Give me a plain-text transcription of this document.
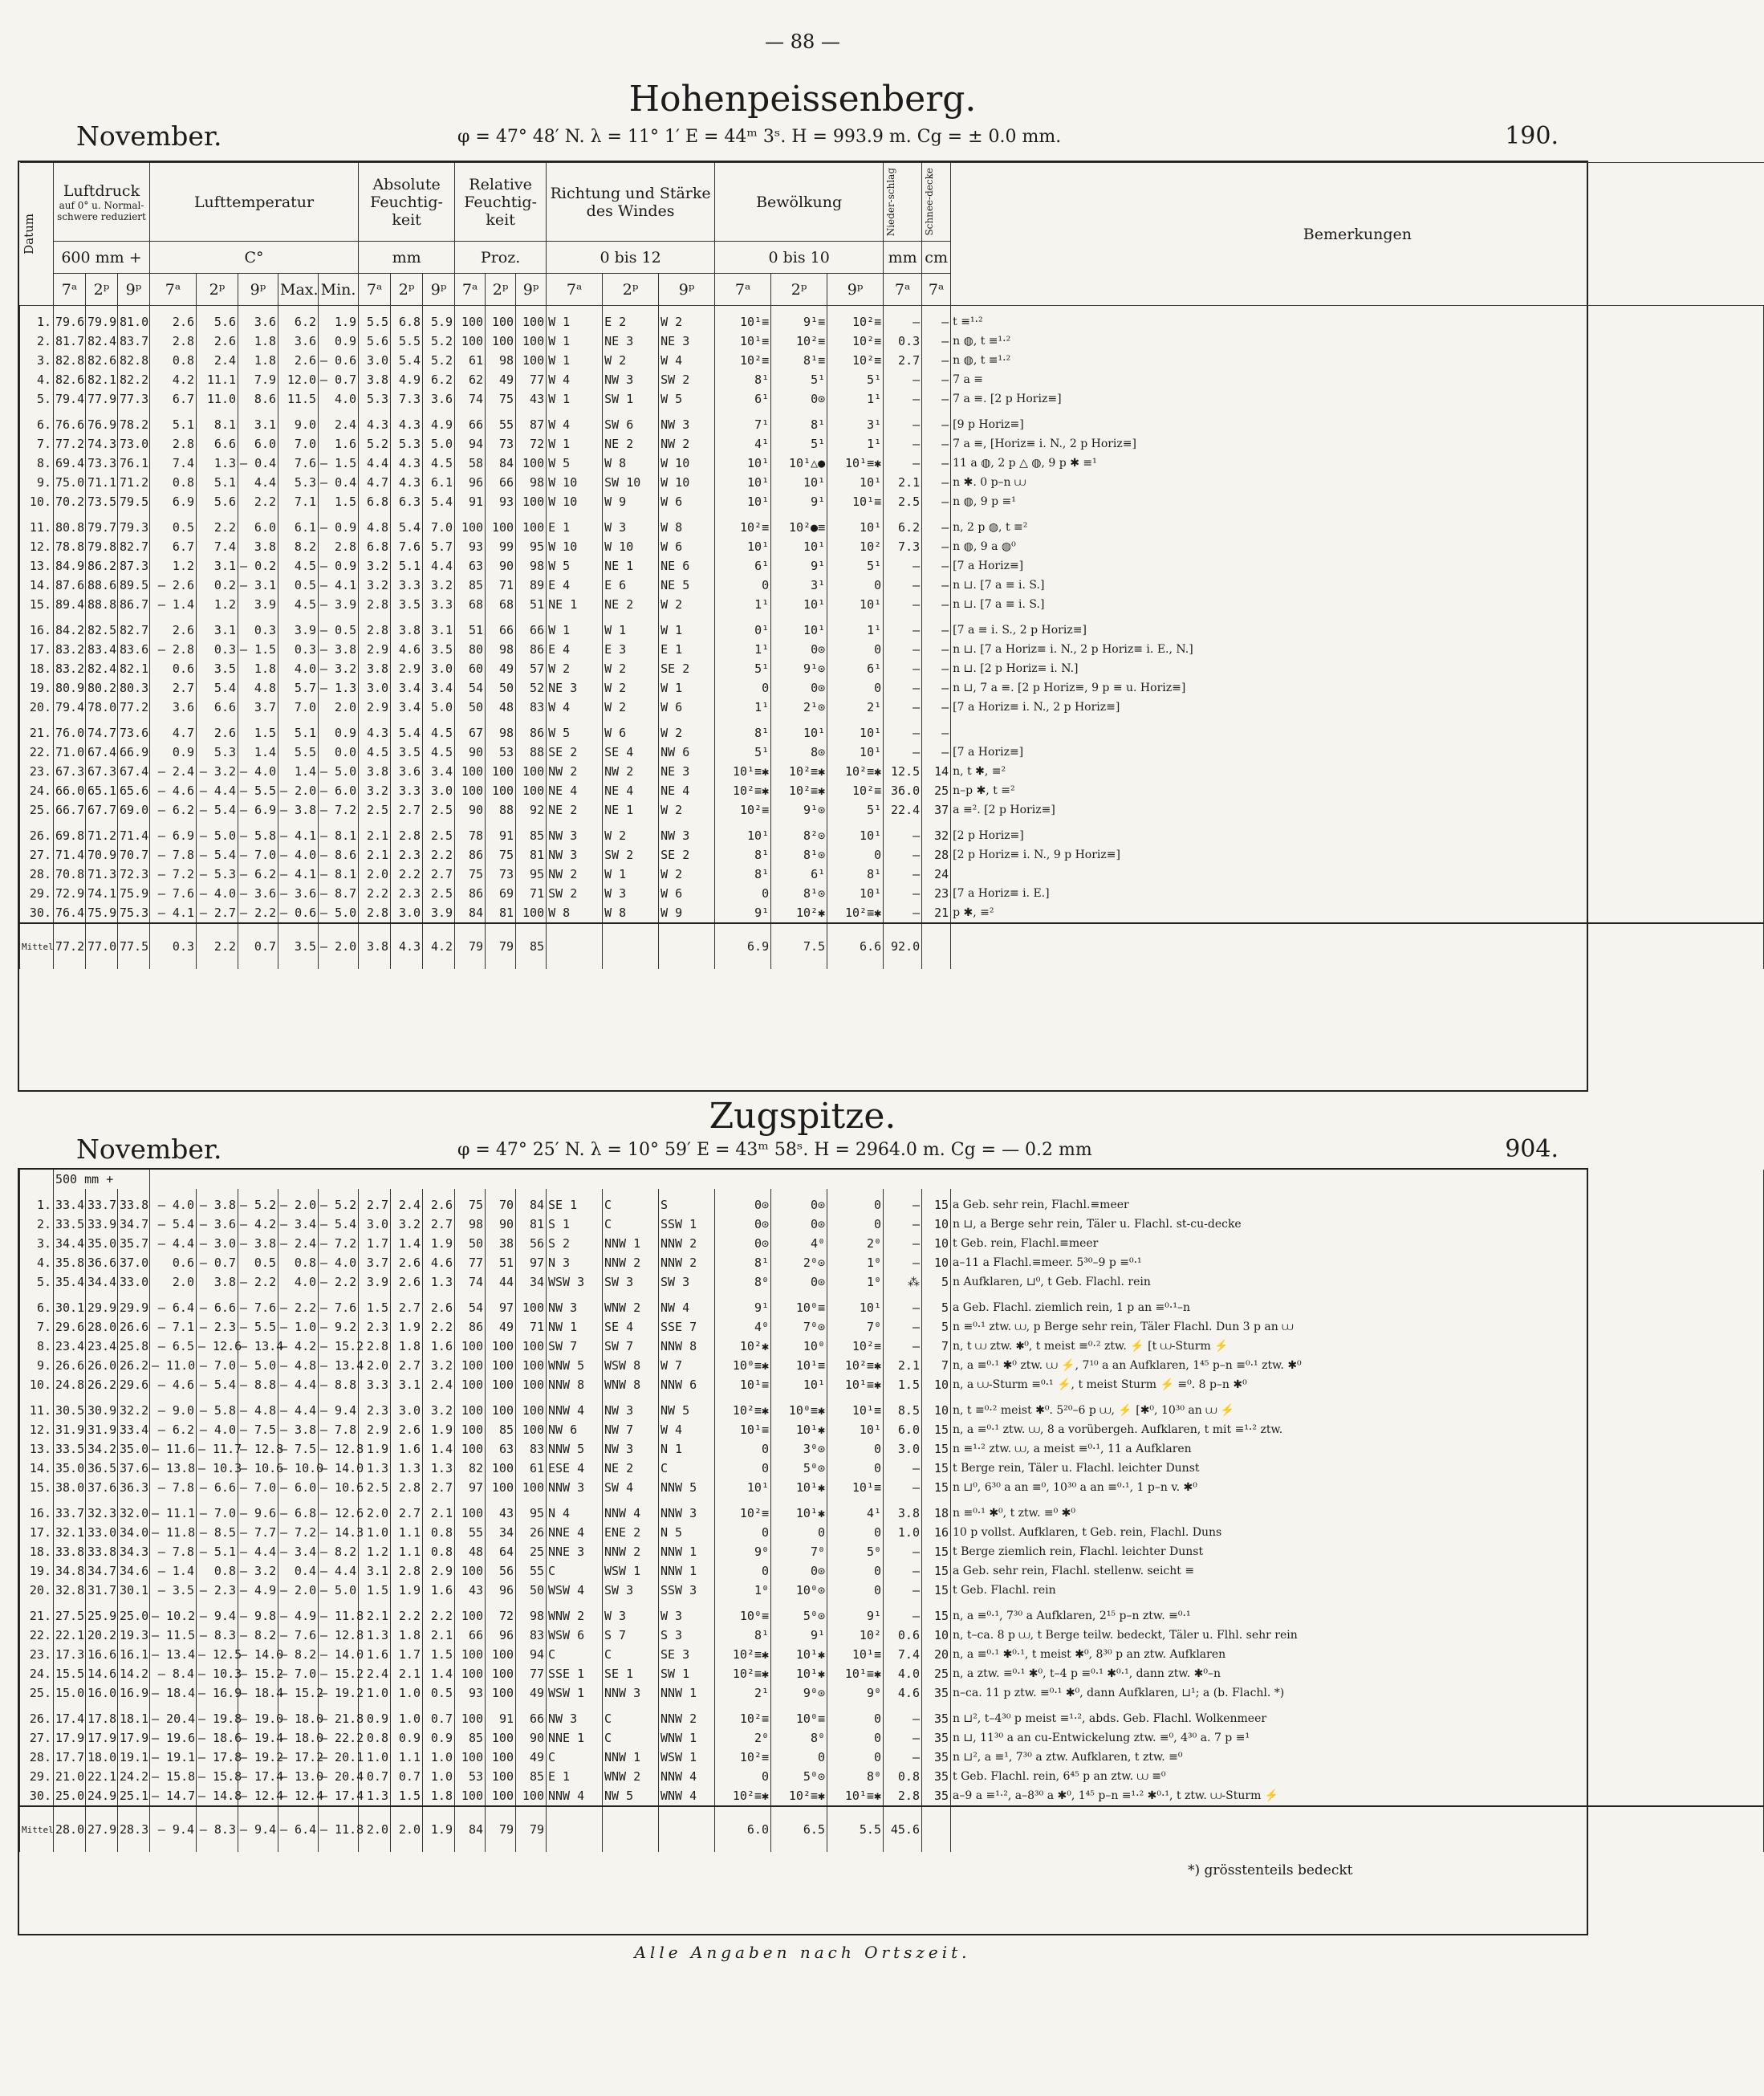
— 88 —
Hohenpeissenberg.
November.	φ = 47° 48′ N. λ = 11° 1′ E = 44ᵐ 3ˢ. H = 993.9 m. Cg = ± 0.0 mm.	190.
Datum	Luftdruck
auf 0° u. Normal-schwere reduziert			Lufttemperatur					Absolute Feuchtig-keit			Relative Feuchtig-keit			Richtung und Stärke des Windes			Bewölkung			Nieder-schlag	Schnee-decke	Bemerkungen
	600 mm +			C°					mm			Proz.			0 bis 12			0 bis 10			mm	cm	
	7ᵃ	2ᵖ	9ᵖ	7ᵃ	2ᵖ	9ᵖ	Max.	Min.	7ᵃ	2ᵖ	9ᵖ	7ᵃ	2ᵖ	9ᵖ	7ᵃ	2ᵖ	9ᵖ	7ᵃ	2ᵖ	9ᵖ	7ᵃ	7ᵃ	
1.	79.6	79.9	81.0	2.6	5.6	3.6	6.2	1.9	5.5	6.8	5.9	100	100	100	W 1	E 2	W 2	10¹≡	9¹≡	10²≡	–	–	t ≡¹·²
2.	81.7	82.4	83.7	2.8	2.6	1.8	3.6	0.9	5.6	5.5	5.2	100	100	100	W 1	NE 3	NE 3	10¹≡	10²≡	10²≡	0.3	–	n ◍, t ≡¹·²
3.	82.8	82.6	82.8	0.8	2.4	1.8	2.6	– 0.6	3.0	5.4	5.2	61	98	100	W 1	W 2	W 4	10²≡	8¹≡	10²≡	2.7	–	n ◍, t ≡¹·²
4.	82.6	82.1	82.2	4.2	11.1	7.9	12.0	– 0.7	3.8	4.9	6.2	62	49	77	W 4	NW 3	SW 2	8¹	5¹	5¹	–	–	7 a ≡
5.	79.4	77.9	77.3	6.7	11.0	8.6	11.5	4.0	5.3	7.3	3.6	74	75	43	W 1	SW 1	W 5	6¹	0⊙	1¹	–	–	7 a ≡. [2 p Horiz≡]
6.	76.6	76.9	78.2	5.1	8.1	3.1	9.0	2.4	4.3	4.3	4.9	66	55	87	W 4	SW 6	NW 3	7¹	8¹	3¹	–	–	[9 p Horiz≡]
7.	77.2	74.3	73.0	2.8	6.6	6.0	7.0	1.6	5.2	5.3	5.0	94	73	72	W 1	NE 2	NW 2	4¹	5¹	1¹	–	–	7 a ≡, [Horiz≡ i. N., 2 p Horiz≡]
8.	69.4	73.3	76.1	7.4	1.3	– 0.4	7.6	– 1.5	4.4	4.3	4.5	58	84	100	W 5	W 8	W 10	10¹	10¹△●	10¹≡✱	–	–	11 a ◍, 2 p △ ◍, 9 p ✱ ≡¹
9.	75.0	71.1	71.2	0.8	5.1	4.4	5.3	– 0.4	4.7	4.3	6.1	96	66	98	W 10	SW 10	W 10	10¹	10¹	10¹	2.1	–	n ✱. 0 p–n ⩊
10.	70.2	73.5	79.5	6.9	5.6	2.2	7.1	1.5	6.8	6.3	5.4	91	93	100	W 10	W 9	W 6	10¹	9¹	10¹≡	2.5	–	n ◍, 9 p ≡¹
11.	80.8	79.7	79.3	0.5	2.2	6.0	6.1	– 0.9	4.8	5.4	7.0	100	100	100	E 1	W 3	W 8	10²≡	10²●≡	10¹	6.2	–	n, 2 p ◍, t ≡²
12.	78.8	79.8	82.7	6.7	7.4	3.8	8.2	2.8	6.8	7.6	5.7	93	99	95	W 10	W 10	W 6	10¹	10¹	10²	7.3	–	n ◍, 9 a ◍⁰
13.	84.9	86.2	87.3	1.2	3.1	– 0.2	4.5	– 0.9	3.2	5.1	4.4	63	90	98	W 5	NE 1	NE 6	6¹	9¹	5¹	–	–	[7 a Horiz≡]
14.	87.6	88.6	89.5	– 2.6	0.2	– 3.1	0.5	– 4.1	3.2	3.3	3.2	85	71	89	E 4	E 6	NE 5	0	3¹	0	–	–	n ⊔. [7 a ≡ i. S.]
15.	89.4	88.8	86.7	– 1.4	1.2	3.9	4.5	– 3.9	2.8	3.5	3.3	68	68	51	NE 1	NE 2	W 2	1¹	10¹	10¹	–	–	n ⊔. [7 a ≡ i. S.]
16.	84.2	82.5	82.7	2.6	3.1	0.3	3.9	– 0.5	2.8	3.8	3.1	51	66	66	W 1	W 1	W 1	0¹	10¹	1¹	–	–	[7 a ≡ i. S., 2 p Horiz≡]
17.	83.2	83.4	83.6	– 2.8	0.3	– 1.5	0.3	– 3.8	2.9	4.6	3.5	80	98	86	E 4	E 3	E 1	1¹	0⊙	0	–	–	n ⊔. [7 a Horiz≡ i. N., 2 p Horiz≡ i. E., N.]
18.	83.2	82.4	82.1	0.6	3.5	1.8	4.0	– 3.2	3.8	2.9	3.0	60	49	57	W 2	W 2	SE 2	5¹	9¹⊙	6¹	–	–	n ⊔. [2 p Horiz≡ i. N.]
19.	80.9	80.2	80.3	2.7	5.4	4.8	5.7	– 1.3	3.0	3.4	3.4	54	50	52	NE 3	W 2	W 1	0	0⊙	0	–	–	n ⊔, 7 a ≡. [2 p Horiz≡, 9 p ≡ u. Horiz≡]
20.	79.4	78.0	77.2	3.6	6.6	3.7	7.0	2.0	2.9	3.4	5.0	50	48	83	W 4	W 2	W 6	1¹	2¹⊙	2¹	–	–	[7 a Horiz≡ i. N., 2 p Horiz≡]
21.	76.0	74.7	73.6	4.7	2.6	1.5	5.1	0.9	4.3	5.4	4.5	67	98	86	W 5	W 6	W 2	8¹	10¹	10¹	–	–	
22.	71.0	67.4	66.9	0.9	5.3	1.4	5.5	0.0	4.5	3.5	4.5	90	53	88	SE 2	SE 4	NW 6	5¹	8⊙	10¹	–	–	[7 a Horiz≡]
23.	67.3	67.3	67.4	– 2.4	– 3.2	– 4.0	1.4	– 5.0	3.8	3.6	3.4	100	100	100	NW 2	NW 2	NE 3	10¹≡✱	10²≡✱	10²≡✱	12.5	14	n, t ✱, ≡²
24.	66.0	65.1	65.6	– 4.6	– 4.4	– 5.5	– 2.0	– 6.0	3.2	3.3	3.0	100	100	100	NE 4	NE 4	NE 4	10²≡✱	10²≡✱	10²≡	36.0	25	n–p ✱, t ≡²
25.	66.7	67.7	69.0	– 6.2	– 5.4	– 6.9	– 3.8	– 7.2	2.5	2.7	2.5	90	88	92	NE 2	NE 1	W 2	10²≡	9¹⊙	5¹	22.4	37	a ≡². [2 p Horiz≡]
26.	69.8	71.2	71.4	– 6.9	– 5.0	– 5.8	– 4.1	– 8.1	2.1	2.8	2.5	78	91	85	NW 3	W 2	NW 3	10¹	8²⊙	10¹	–	32	[2 p Horiz≡]
27.	71.4	70.9	70.7	– 7.8	– 5.4	– 7.0	– 4.0	– 8.6	2.1	2.3	2.2	86	75	81	NW 3	SW 2	SE 2	8¹	8¹⊙	0	–	28	[2 p Horiz≡ i. N., 9 p Horiz≡]
28.	70.8	71.3	72.3	– 7.2	– 5.3	– 6.2	– 4.1	– 8.1	2.0	2.2	2.7	75	73	95	NW 2	W 1	W 2	8¹	6¹	8¹	–	24	
29.	72.9	74.1	75.9	– 7.6	– 4.0	– 3.6	– 3.6	– 8.7	2.2	2.3	2.5	86	69	71	SW 2	W 3	W 6	0	8¹⊙	10¹	–	23	[7 a Horiz≡ i. E.]
30.	76.4	75.9	75.3	– 4.1	– 2.7	– 2.2	– 0.6	– 5.0	2.8	3.0	3.9	84	81	100	W 8	W 8	W 9	9¹	10²✱	10²≡✱	–	21	p ✱, ≡²
Mittel	77.2	77.0	77.5	0.3	2.2	0.7	3.5	– 2.0	3.8	4.3	4.2	79	79	85				6.9	7.5	6.6	92.0		
Zugspitze.
November.	φ = 47° 25′ N. λ = 10° 59′ E = 43ᵐ 58ˢ. H = 2964.0 m. Cg = — 0.2 mm	904.
	500 mm +																						
1.	33.4	33.7	33.8	– 4.0	– 3.8	– 5.2	– 2.0	– 5.2	2.7	2.4	2.6	75	70	84	SE 1	C	S	0⊙	0⊙	0	–	15	a Geb. sehr rein, Flachl.≡meer
2.	33.5	33.9	34.7	– 5.4	– 3.6	– 4.2	– 3.4	– 5.4	3.0	3.2	2.7	98	90	81	S 1	C	SSW 1	0⊙	0⊙	0	–	10	n ⊔, a Berge sehr rein, Täler u. Flachl. st-cu-decke
3.	34.4	35.0	35.7	– 4.4	– 3.0	– 3.8	– 2.4	– 7.2	1.7	1.4	1.9	50	38	56	S 2	NNW 1	NNW 2	0⊙	4⁰	2⁰	–	10	t Geb. rein, Flachl.≡meer
4.	35.8	36.6	37.0	0.6	– 0.7	0.5	0.8	– 4.0	3.7	2.6	4.6	77	51	97	N 3	NNW 2	NNW 2	8¹	2⁰⊙	1⁰	–	10	a–11 a Flachl.≡meer. 5³⁰–9 p ≡⁰·¹
5.	35.4	34.4	33.0	2.0	3.8	– 2.2	4.0	– 2.2	3.9	2.6	1.3	74	44	34	WSW 3	SW 3	SW 3	8⁰	0⊙	1⁰	⁂	5	n Aufklaren, ⊔⁰, t Geb. Flachl. rein
6.	30.1	29.9	29.9	– 6.4	– 6.6	– 7.6	– 2.2	– 7.6	1.5	2.7	2.6	54	97	100	NW 3	WNW 2	NW 4	9¹	10⁰≡	10¹	–	5	a Geb. Flachl. ziemlich rein, 1 p an ≡⁰·¹–n
7.	29.6	28.0	26.6	– 7.1	– 2.3	– 5.5	– 1.0	– 9.2	2.3	1.9	2.2	86	49	71	NW 1	SE 4	SSE 7	4⁰	7⁰⊙	7⁰	–	5	n ≡⁰·¹ ztw. ⩊, p Berge sehr rein, Täler Flachl. Dun 3 p an ⩊
8.	23.4	23.4	25.8	– 6.5	– 12.6	– 13.4	– 4.2	– 15.2	2.8	1.8	1.6	100	100	100	SW 7	SW 7	NNW 8	10²✱	10⁰	10²≡	–	7	n, t ⩊ ztw. ✱⁰, t meist ≡⁰·² ztw. ⚡ [t ⩊-Sturm ⚡
9.	26.6	26.0	26.2	– 11.0	– 7.0	– 5.0	– 4.8	– 13.4	2.0	2.7	3.2	100	100	100	WNW 5	WSW 8	W 7	10⁰≡✱	10¹≡	10²≡✱	2.1	7	n, a ≡⁰·¹ ✱⁰ ztw. ⩊ ⚡, 7¹⁰ a an Aufklaren, 1⁴⁵ p–n ≡⁰·¹ ztw. ✱⁰
10.	24.8	26.2	29.6	– 4.6	– 5.4	– 8.8	– 4.4	– 8.8	3.3	3.1	2.4	100	100	100	NNW 8	WNW 8	NNW 6	10¹≡	10¹	10¹≡✱	1.5	10	n, a ⩊-Sturm ≡⁰·¹ ⚡, t meist Sturm ⚡ ≡⁰. 8 p–n ✱⁰
11.	30.5	30.9	32.2	– 9.0	– 5.8	– 4.8	– 4.4	– 9.4	2.3	3.0	3.2	100	100	100	NNW 4	NW 3	NW 5	10²≡✱	10⁰≡✱	10¹≡	8.5	10	n, t ≡⁰·² meist ✱⁰. 5²⁰–6 p ⩊, ⚡ [✱⁰, 10³⁰ an ⩊ ⚡
12.	31.9	31.9	33.4	– 6.2	– 4.0	– 7.5	– 3.8	– 7.8	2.9	2.6	1.9	100	85	100	NW 6	NW 7	W 4	10¹≡	10¹✱	10¹	6.0	15	n, a ≡⁰·¹ ztw. ⩊, 8 a vorübergeh. Aufklaren, t mit ≡¹·² ztw.
13.	33.5	34.2	35.0	– 11.6	– 11.7	– 12.8	– 7.5	– 12.8	1.9	1.6	1.4	100	63	83	NNW 5	NW 3	N 1	0	3⁰⊙	0	3.0	15	n ≡¹·² ztw. ⩊, a meist ≡⁰·¹, 11 a Aufklaren
14.	35.0	36.5	37.6	– 13.8	– 10.3	– 10.6	– 10.0	– 14.0	1.3	1.3	1.3	82	100	61	ESE 4	NE 2	C	0	5⁰⊙	0	–	15	t Berge rein, Täler u. Flachl. leichter Dunst
15.	38.0	37.6	36.3	– 7.8	– 6.6	– 7.0	– 6.0	– 10.6	2.5	2.8	2.7	97	100	100	NNW 3	SW 4	NNW 5	10¹	10¹✱	10¹≡	–	15	n ⊔⁰, 6³⁰ a an ≡⁰, 10³⁰ a an ≡⁰·¹, 1 p–n v. ✱⁰
16.	33.7	32.3	32.0	– 11.1	– 7.0	– 9.6	– 6.8	– 12.6	2.0	2.7	2.1	100	43	95	N 4	NNW 4	NNW 3	10²≡	10¹✱	4¹	3.8	18	n ≡⁰·¹ ✱⁰, t ztw. ≡⁰ ✱⁰
17.	32.1	33.0	34.0	– 11.8	– 8.5	– 7.7	– 7.2	– 14.3	1.0	1.1	0.8	55	34	26	NNE 4	ENE 2	N 5	0	0	0	1.0	16	10 p vollst. Aufklaren, t Geb. rein, Flachl. Duns
18.	33.8	33.8	34.3	– 7.8	– 5.1	– 4.4	– 3.4	– 8.2	1.2	1.1	0.8	48	64	25	NNE 3	NNW 2	NNW 1	9⁰	7⁰	5⁰	–	15	t Berge ziemlich rein, Flachl. leichter Dunst
19.	34.8	34.7	34.6	– 1.4	0.8	– 3.2	0.4	– 4.4	3.1	2.8	2.9	100	56	55	C	WSW 1	NNW 1	0	0⊙	0	–	15	a Geb. sehr rein, Flachl. stellenw. seicht ≡
20.	32.8	31.7	30.1	– 3.5	– 2.3	– 4.9	– 2.0	– 5.0	1.5	1.9	1.6	43	96	50	WSW 4	SW 3	SSW 3	1⁰	10⁰⊙	0	–	15	t Geb. Flachl. rein
21.	27.5	25.9	25.0	– 10.2	– 9.4	– 9.8	– 4.9	– 11.8	2.1	2.2	2.2	100	72	98	WNW 2	W 3	W 3	10⁰≡	5⁰⊙	9¹	–	15	n, a ≡⁰·¹, 7³⁰ a Aufklaren, 2¹⁵ p–n ztw. ≡⁰·¹
22.	22.1	20.2	19.3	– 11.5	– 8.3	– 8.2	– 7.6	– 12.8	1.3	1.8	2.1	66	96	83	WSW 6	S 7	S 3	8¹	9¹	10²	0.6	10	n, t–ca. 8 p ⩊, t Berge teilw. bedeckt, Täler u. Flhl. sehr rein
23.	17.3	16.6	16.1	– 13.4	– 12.5	– 14.0	– 8.2	– 14.0	1.6	1.7	1.5	100	100	94	C	C	SE 3	10²≡✱	10¹✱	10¹≡	7.4	20	n, a ≡⁰·¹ ✱⁰·¹, t meist ✱⁰, 8³⁰ p an ztw. Aufklaren
24.	15.5	14.6	14.2	– 8.4	– 10.3	– 15.2	– 7.0	– 15.2	2.4	2.1	1.4	100	100	77	SSE 1	SE 1	SW 1	10²≡✱	10¹✱	10¹≡✱	4.0	25	n, a ztw. ≡⁰·¹ ✱⁰, t–4 p ≡⁰·¹ ✱⁰·¹, dann ztw. ✱⁰–n
25.	15.0	16.0	16.9	– 18.4	– 16.9	– 18.4	– 15.2	– 19.2	1.0	1.0	0.5	93	100	49	WSW 1	NNW 3	NNW 1	2¹	9⁰⊙	9⁰	4.6	35	n–ca. 11 p ztw. ≡⁰·¹ ✱⁰, dann Aufklaren, ⊔¹; a (b. Flachl. *)
26.	17.4	17.8	18.1	– 20.4	– 19.8	– 19.0	– 18.0	– 21.8	0.9	1.0	0.7	100	91	66	NW 3	C	NNW 2	10²≡	10⁰≡	0	–	35	n ⊔², t–4³⁰ p meist ≡¹·², abds. Geb. Flachl. Wolkenmeer
27.	17.9	17.9	17.9	– 19.6	– 18.6	– 19.4	– 18.0	– 22.2	0.8	0.9	0.9	85	100	90	NNE 1	C	WNW 1	2⁰	8⁰	0	–	35	n ⊔, 11³⁰ a an cu-Entwickelung ztw. ≡⁰, 4³⁰ a. 7 p ≡¹
28.	17.7	18.0	19.1	– 19.1	– 17.8	– 19.2	– 17.2	– 20.1	1.0	1.1	1.0	100	100	49	C	NNW 1	WSW 1	10²≡	0	0	–	35	n ⊔², a ≡¹, 7³⁰ a ztw. Aufklaren, t ztw. ≡⁰
29.	21.0	22.1	24.2	– 15.8	– 15.8	– 17.4	– 13.0	– 20.4	0.7	0.7	1.0	53	100	85	E 1	WNW 2	NNW 4	0	5⁰⊙	8⁰	0.8	35	t Geb. Flachl. rein, 6⁴⁵ p an ztw. ⩊ ≡⁰
30.	25.0	24.9	25.1	– 14.7	– 14.8	– 12.4	– 12.4	– 17.4	1.3	1.5	1.8	100	100	100	NNW 4	NW 5	WNW 4	10²≡✱	10²≡✱	10¹≡✱	2.8	35	a–9 a ≡¹·², a–8³⁰ a ✱⁰, 1⁴⁵ p–n ≡¹·² ✱⁰·¹, t ztw. ⩊-Sturm ⚡
Mittel	28.0	27.9	28.3	– 9.4	– 8.3	– 9.4	– 6.4	– 11.8	2.0	2.0	1.9	84	79	79				6.0	6.5	5.5	45.6		
*) grösstenteils bedeckt
Alle Angaben nach Ortszeit.
